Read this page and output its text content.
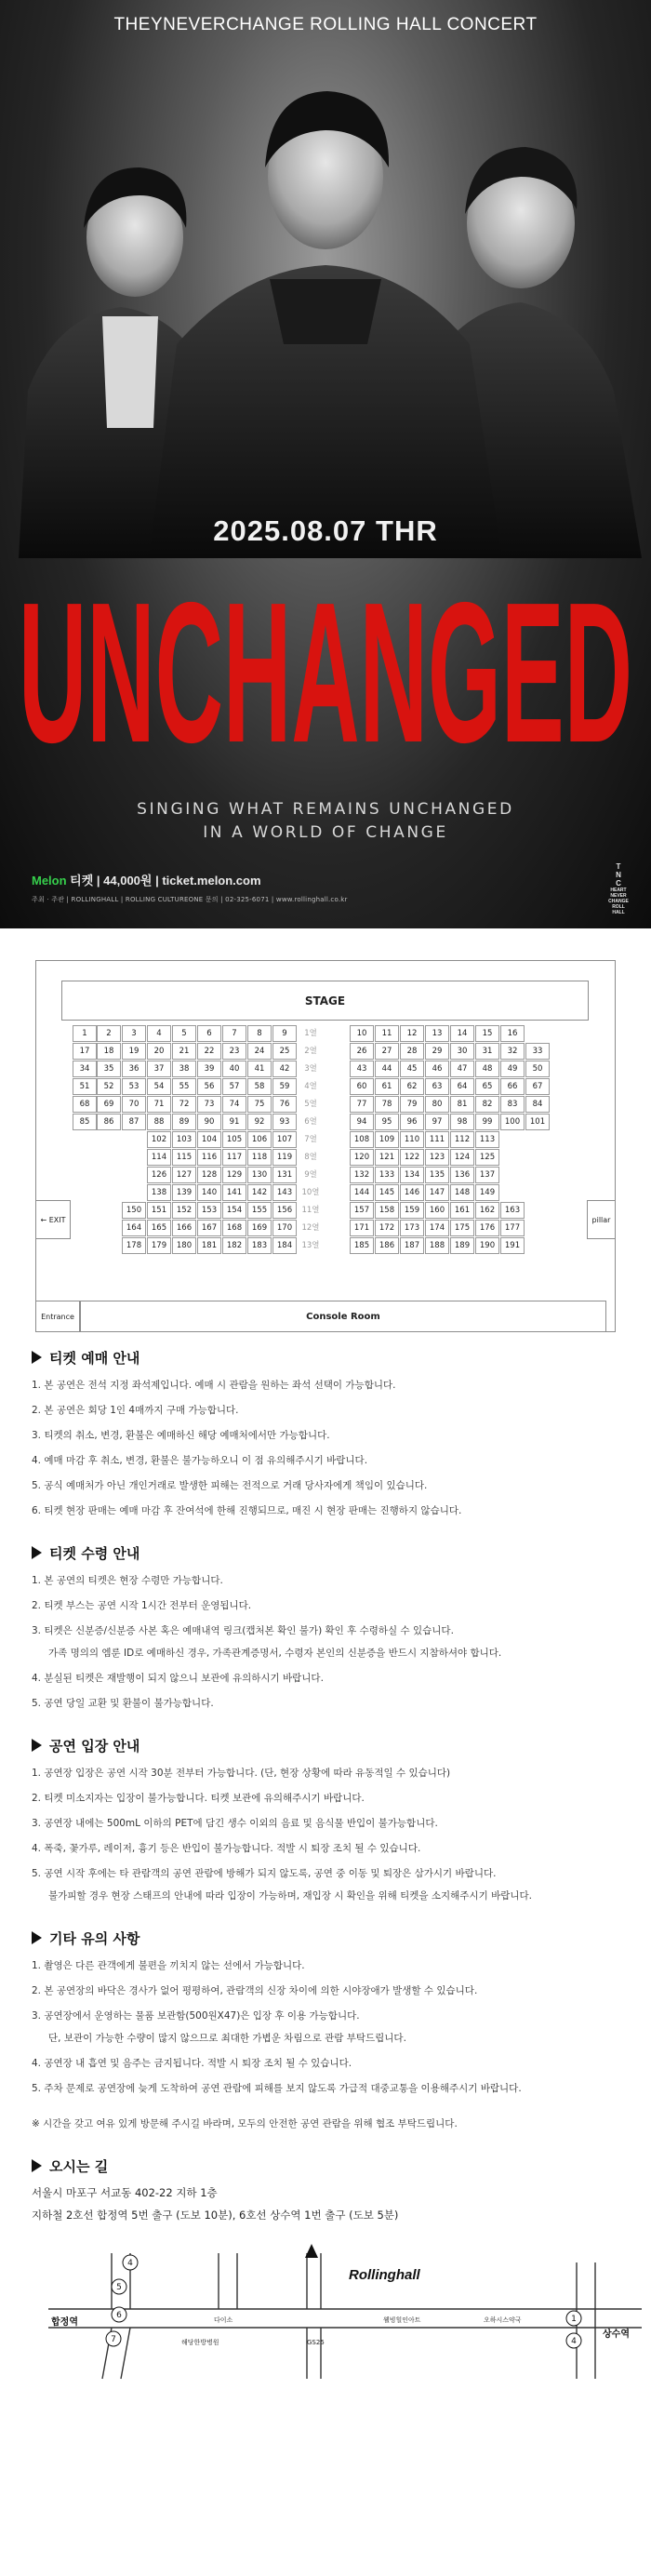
THEYNEVERCHANGE ROLLING HALL CONCERT
2025.08.07 THR
UNCHANGED
SINGING WHAT REMAINS UNCHANGED
IN A WORLD OF CHANGE
Melon 티켓 | 44,000원 | ticket.melon.com
주최 · 주관 | ROLLINGHALL | ROLLING CULTUREONE 문의 | 02-325-6071 | www.rollinghall.co.kr
T
N
C
HEART
NEVER
CHANGE
ROLL
HALL
STAGE
← EXIT	pillar
Entrance	Console Room
1	2	3	4	5	6	7	8	9	1열	10	11	12	13	14	15	16
17	18	19	20	21	22	23	24	25	2열	26	27	28	29	30	31	32	33
34	35	36	37	38	39	40	41	42	3열	43	44	45	46	47	48	49	50
51	52	53	54	55	56	57	58	59	4열	60	61	62	63	64	65	66	67
68	69	70	71	72	73	74	75	76	5열	77	78	79	80	81	82	83	84
85	86	87	88	89	90	91	92	93	6열	94	95	96	97	98	99	100	101
102	103	104	105	106	107	7열	108	109	110	111	112	113
114	115	116	117	118	119	8열	120	121	122	123	124	125
126	127	128	129	130	131	9열	132	133	134	135	136	137
138	139	140	141	142	143	10열	144	145	146	147	148	149
150	151	152	153	154	155	156	11열	157	158	159	160	161	162	163
164	165	166	167	168	169	170	12열	171	172	173	174	175	176	177
178	179	180	181	182	183	184	13열	185	186	187	188	189	190	191
티켓 예매 안내
1. 본 공연은 전석 지정 좌석제입니다. 예매 시 관람을 원하는 좌석 선택이 가능합니다.
2. 본 공연은 회당 1인 4매까지 구매 가능합니다.
3. 티켓의 취소, 변경, 환불은 예매하신 해당 예매처에서만 가능합니다.
4. 예매 마감 후 취소, 변경, 환불은 불가능하오니 이 점 유의해주시기 바랍니다.
5. 공식 예매처가 아닌 개인거래로 발생한 피해는 전적으로 거래 당사자에게 책임이 있습니다.
6. 티켓 현장 판매는 예매 마감 후 잔여석에 한해 진행되므로, 매진 시 현장 판매는 진행하지 않습니다.
티켓 수령 안내
1. 본 공연의 티켓은 현장 수령만 가능합니다.
2. 티켓 부스는 공연 시작 1시간 전부터 운영됩니다.
3. 티켓은 신분증/신분증 사본 혹은 예매내역 링크(캡처본 확인 불가) 확인 후 수령하실 수 있습니다.
가족 명의의 엠룬 ID로 예매하신 경우, 가족관계증명서, 수령자 본인의 신분증을 반드시 지참하셔야 합니다.
4. 분실된 티켓은 재발행이 되지 않으니 보관에 유의하시기 바랍니다.
5. 공연 당일 교환 및 환불이 불가능합니다.
공연 입장 안내
1. 공연장 입장은 공연 시작 30분 전부터 가능합니다. (단, 현장 상황에 따라 유동적일 수 있습니다)
2. 티켓 미소지자는 입장이 불가능합니다. 티켓 보관에 유의해주시기 바랍니다.
3. 공연장 내에는 500mL 이하의 PET에 담긴 생수 이외의 음료 및 음식물 반입이 불가능합니다.
4. 폭죽, 꽃가루, 레이저, 흉기 등은 반입이 불가능합니다. 적발 시 퇴장 조치 될 수 있습니다.
5. 공연 시작 후에는 타 관람객의 공연 관람에 방해가 되지 않도록, 공연 중 이동 및 퇴장은 삼가시기 바랍니다.
불가피할 경우 현장 스태프의 안내에 따라 입장이 가능하며, 재입장 시 확인을 위해 티켓을 소지해주시기 바랍니다.
기타 유의 사항
1. 촬영은 다른 관객에게 불편을 끼치지 않는 선에서 가능합니다.
2. 본 공연장의 바닥은 경사가 없어 평평하여, 관람객의 신장 차이에 의한 시야장애가 발생할 수 있습니다.
3. 공연장에서 운영하는 물품 보관함(500원X47)은 입장 후 이용 가능합니다.
단, 보관이 가능한 수량이 많지 않으므로 최대한 가볍운 차림으로 관람 부탁드립니다.
4. 공연장 내 흡연 및 음주는 금지됩니다. 적발 시 퇴장 조치 될 수 있습니다.
5. 주차 문제로 공연장에 늦게 도착하여 공연 관람에 피해를 보지 않도록 가급적 대중교통을 이용해주시기 바랍니다.
※ 시간을 갖고 여유 있게 방문해 주시길 바라며, 모두의 안전한 공연 관람을 위해 협조 부탁드립니다.
오시는 길
서울시 마포구 서교동 402-22 지하 1층
지하철 2호선 합정역 5번 출구 (도보 10분), 6호선 상수역 1번 출구 (도보 5분)
Rollinghall
합정역
상수역
다이소
해당한방병원	GS25
웰빙힐인아트	오하시스약국
4
5
6
7
1
4
